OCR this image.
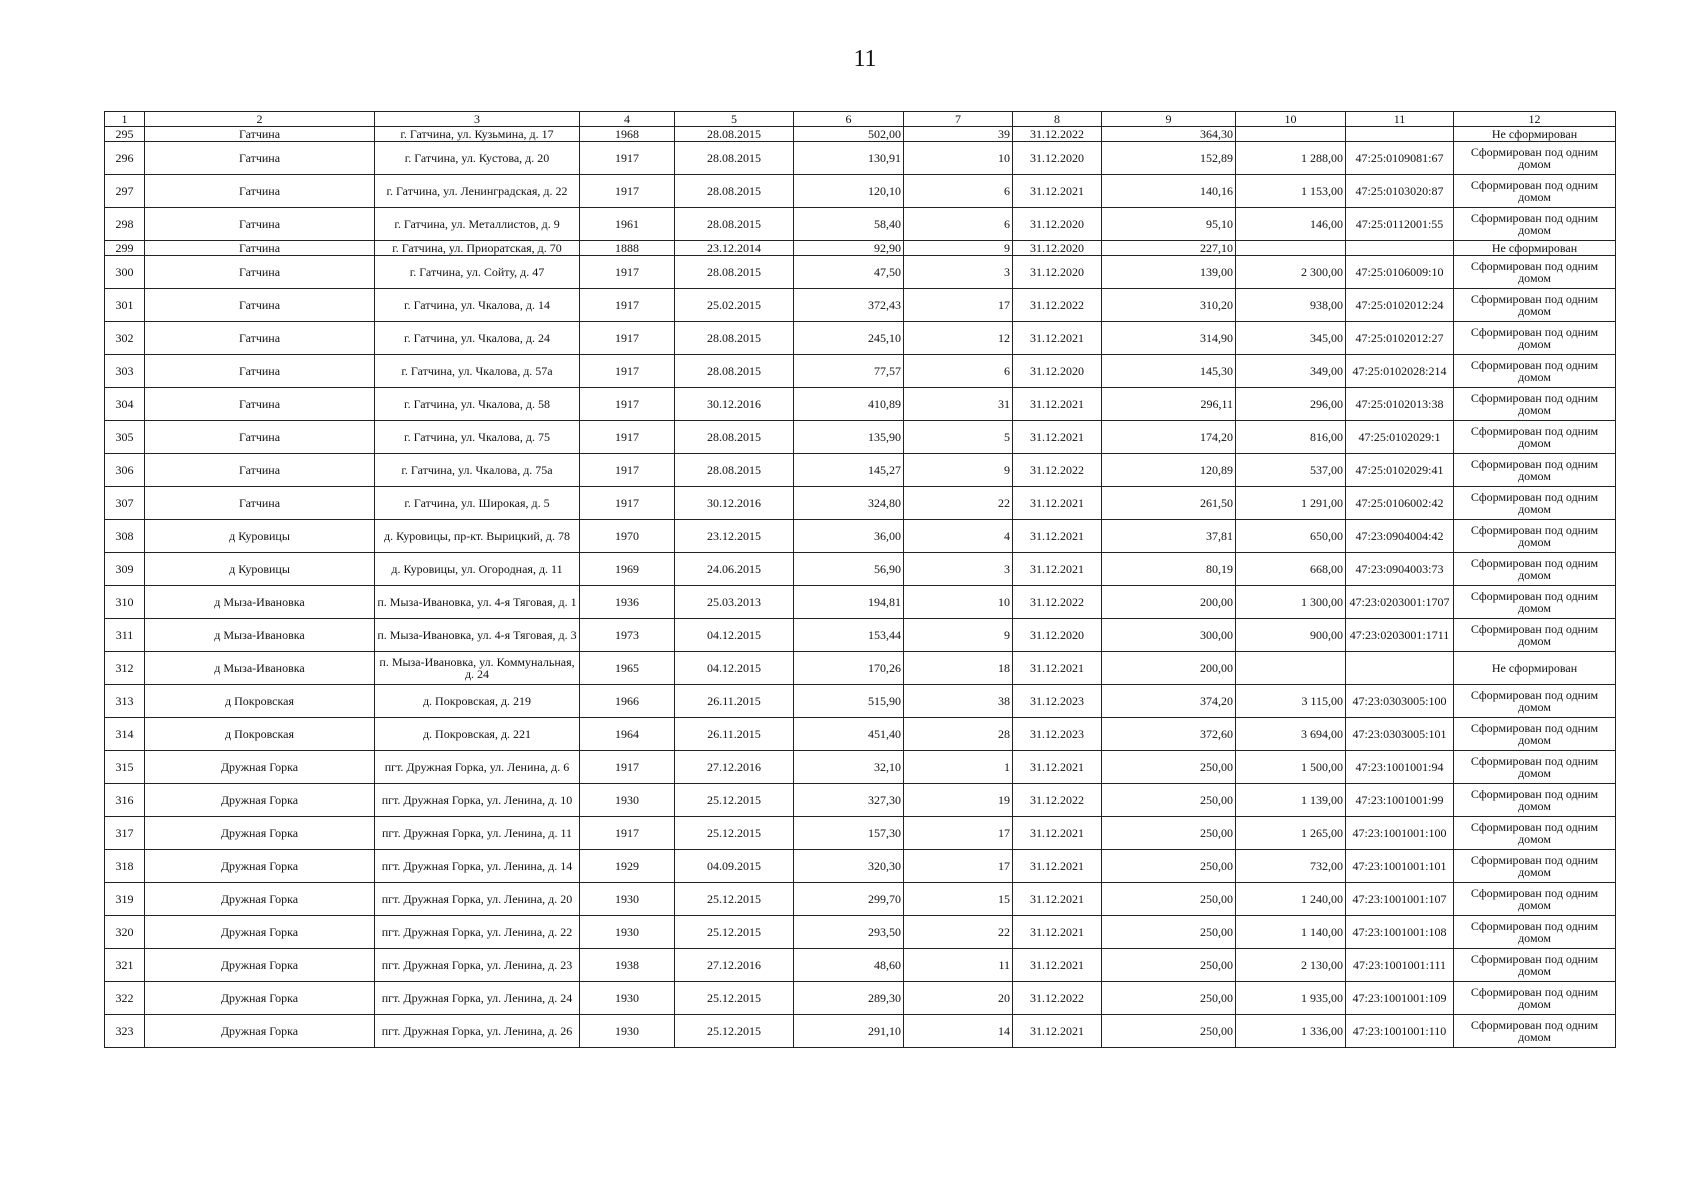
11
1	2	3	4	5	6	7	8	9	10	11	12
295	Гатчина	г. Гатчина, ул. Кузьмина, д. 17	1968	28.08.2015	502,00	39	31.12.2022	364,30			Не сформирован
296	Гатчина	г. Гатчина, ул. Кустова, д. 20	1917	28.08.2015	130,91	10	31.12.2020	152,89	1 288,00	47:25:0109081:67	Сформирован под одним домом
297	Гатчина	г. Гатчина, ул. Ленинградская, д. 22	1917	28.08.2015	120,10	6	31.12.2021	140,16	1 153,00	47:25:0103020:87	Сформирован под одним домом
298	Гатчина	г. Гатчина, ул. Металлистов, д. 9	1961	28.08.2015	58,40	6	31.12.2020	95,10	146,00	47:25:0112001:55	Сформирован под одним домом
299	Гатчина	г. Гатчина, ул. Приоратская, д. 70	1888	23.12.2014	92,90	9	31.12.2020	227,10			Не сформирован
300	Гатчина	г. Гатчина, ул. Сойту, д. 47	1917	28.08.2015	47,50	3	31.12.2020	139,00	2 300,00	47:25:0106009:10	Сформирован под одним домом
301	Гатчина	г. Гатчина, ул. Чкалова, д. 14	1917	25.02.2015	372,43	17	31.12.2022	310,20	938,00	47:25:0102012:24	Сформирован под одним домом
302	Гатчина	г. Гатчина, ул. Чкалова, д. 24	1917	28.08.2015	245,10	12	31.12.2021	314,90	345,00	47:25:0102012:27	Сформирован под одним домом
303	Гатчина	г. Гатчина, ул. Чкалова, д. 57а	1917	28.08.2015	77,57	6	31.12.2020	145,30	349,00	47:25:0102028:214	Сформирован под одним домом
304	Гатчина	г. Гатчина, ул. Чкалова, д. 58	1917	30.12.2016	410,89	31	31.12.2021	296,11	296,00	47:25:0102013:38	Сформирован под одним домом
305	Гатчина	г. Гатчина, ул. Чкалова, д. 75	1917	28.08.2015	135,90	5	31.12.2021	174,20	816,00	47:25:0102029:1	Сформирован под одним домом
306	Гатчина	г. Гатчина, ул. Чкалова, д. 75а	1917	28.08.2015	145,27	9	31.12.2022	120,89	537,00	47:25:0102029:41	Сформирован под одним домом
307	Гатчина	г. Гатчина, ул. Широкая, д. 5	1917	30.12.2016	324,80	22	31.12.2021	261,50	1 291,00	47:25:0106002:42	Сформирован под одним домом
308	д Куровицы	д. Куровицы, пр-кт. Вырицкий, д. 78	1970	23.12.2015	36,00	4	31.12.2021	37,81	650,00	47:23:0904004:42	Сформирован под одним домом
309	д Куровицы	д. Куровицы, ул. Огородная, д. 11	1969	24.06.2015	56,90	3	31.12.2021	80,19	668,00	47:23:0904003:73	Сформирован под одним домом
310	д Мыза-Ивановка	п. Мыза-Ивановка, ул. 4-я Тяговая, д. 1	1936	25.03.2013	194,81	10	31.12.2022	200,00	1 300,00	47:23:0203001:1707	Сформирован под одним домом
311	д Мыза-Ивановка	п. Мыза-Ивановка, ул. 4-я Тяговая, д. 3	1973	04.12.2015	153,44	9	31.12.2020	300,00	900,00	47:23:0203001:1711	Сформирован под одним домом
312	д Мыза-Ивановка	п. Мыза-Ивановка, ул. Коммунальная, д. 24	1965	04.12.2015	170,26	18	31.12.2021	200,00			Не сформирован
313	д Покровская	д. Покровская, д. 219	1966	26.11.2015	515,90	38	31.12.2023	374,20	3 115,00	47:23:0303005:100	Сформирован под одним домом
314	д Покровская	д. Покровская, д. 221	1964	26.11.2015	451,40	28	31.12.2023	372,60	3 694,00	47:23:0303005:101	Сформирован под одним домом
315	Дружная Горка	пгт. Дружная Горка, ул. Ленина, д. 6	1917	27.12.2016	32,10	1	31.12.2021	250,00	1 500,00	47:23:1001001:94	Сформирован под одним домом
316	Дружная Горка	пгт. Дружная Горка, ул. Ленина, д. 10	1930	25.12.2015	327,30	19	31.12.2022	250,00	1 139,00	47:23:1001001:99	Сформирован под одним домом
317	Дружная Горка	пгт. Дружная Горка, ул. Ленина, д. 11	1917	25.12.2015	157,30	17	31.12.2021	250,00	1 265,00	47:23:1001001:100	Сформирован под одним домом
318	Дружная Горка	пгт. Дружная Горка, ул. Ленина, д. 14	1929	04.09.2015	320,30	17	31.12.2021	250,00	732,00	47:23:1001001:101	Сформирован под одним домом
319	Дружная Горка	пгт. Дружная Горка, ул. Ленина, д. 20	1930	25.12.2015	299,70	15	31.12.2021	250,00	1 240,00	47:23:1001001:107	Сформирован под одним домом
320	Дружная Горка	пгт. Дружная Горка, ул. Ленина, д. 22	1930	25.12.2015	293,50	22	31.12.2021	250,00	1 140,00	47:23:1001001:108	Сформирован под одним домом
321	Дружная Горка	пгт. Дружная Горка, ул. Ленина, д. 23	1938	27.12.2016	48,60	11	31.12.2021	250,00	2 130,00	47:23:1001001:111	Сформирован под одним домом
322	Дружная Горка	пгт. Дружная Горка, ул. Ленина, д. 24	1930	25.12.2015	289,30	20	31.12.2022	250,00	1 935,00	47:23:1001001:109	Сформирован под одним домом
323	Дружная Горка	пгт. Дружная Горка, ул. Ленина, д. 26	1930	25.12.2015	291,10	14	31.12.2021	250,00	1 336,00	47:23:1001001:110	Сформирован под одним домом
